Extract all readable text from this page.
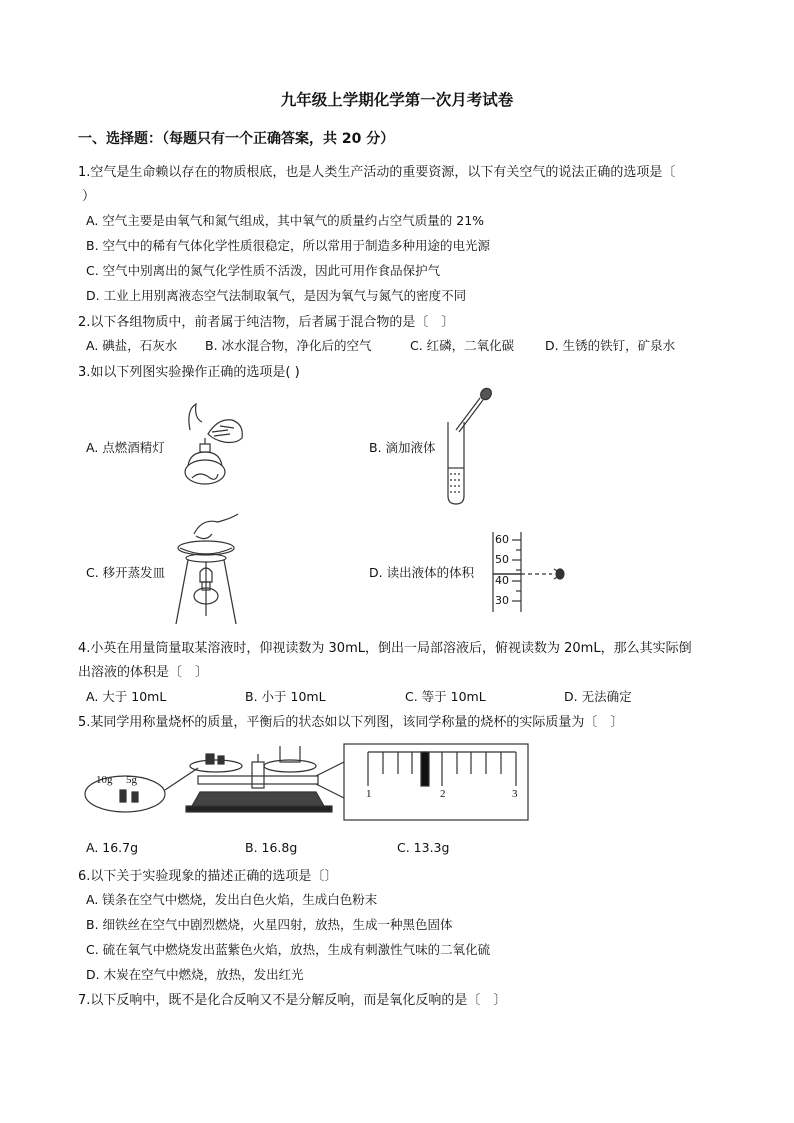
九年级上学期化学第一次月考试卷
一、选择题：（每题只有一个正确答案，共 20 分）
1.空气是生命赖以存在的物质根底，也是人类生产活动的重要资源，以下有关空气的说法正确的选项是〔
）
A. 空气主要是由氧气和氮气组成，其中氧气的质量约占空气质量的 21%
B. 空气中的稀有气体化学性质很稳定，所以常用于制造多种用途的电光源
C. 空气中别离出的氮气化学性质不活泼，因此可用作食品保护气
D. 工业上用别离液态空气法制取氧气，是因为氧气与氮气的密度不同
2.以下各组物质中，前者属于纯洁物，后者属于混合物的是〔　〕
A. 碘盐，石灰水 B. 冰水混合物，净化后的空气	C. 红磷，二氧化碳 D. 生锈的铁钉，矿泉水
3.如以下列图实验操作正确的选项是( )
A. 点燃酒精灯	B. 滴加液体
C. 移开蒸发皿	D. 读出液体的体积
60
50
40
30
4.小英在用量筒量取某溶液时，仰视读数为 30mL，倒出一局部溶液后，俯视读数为 20mL，那么其实际倒
出溶液的体积是〔　〕
A. 大于 10mL	B. 小于 10mL	C. 等于 10mL	D. 无法确定
5.某同学用称量烧杯的质量，平衡后的状态如以下列图，该同学称量的烧杯的实际质量为〔　〕
10g 5g
1	2	3
A. 16.7g	B. 16.8g	C. 13.3g
6.以下关于实验现象的描述正确的选项是〔〕
A. 镁条在空气中燃烧，发出白色火焰，生成白色粉末
B. 细铁丝在空气中剧烈燃烧，火星四射，放热，生成一种黑色固体
C. 硫在氧气中燃烧发出蓝紫色火焰，放热，生成有刺激性气味的二氧化硫
D. 木炭在空气中燃烧，放热，发出红光
7.以下反响中，既不是化合反响又不是分解反响，而是氧化反响的是〔　〕
